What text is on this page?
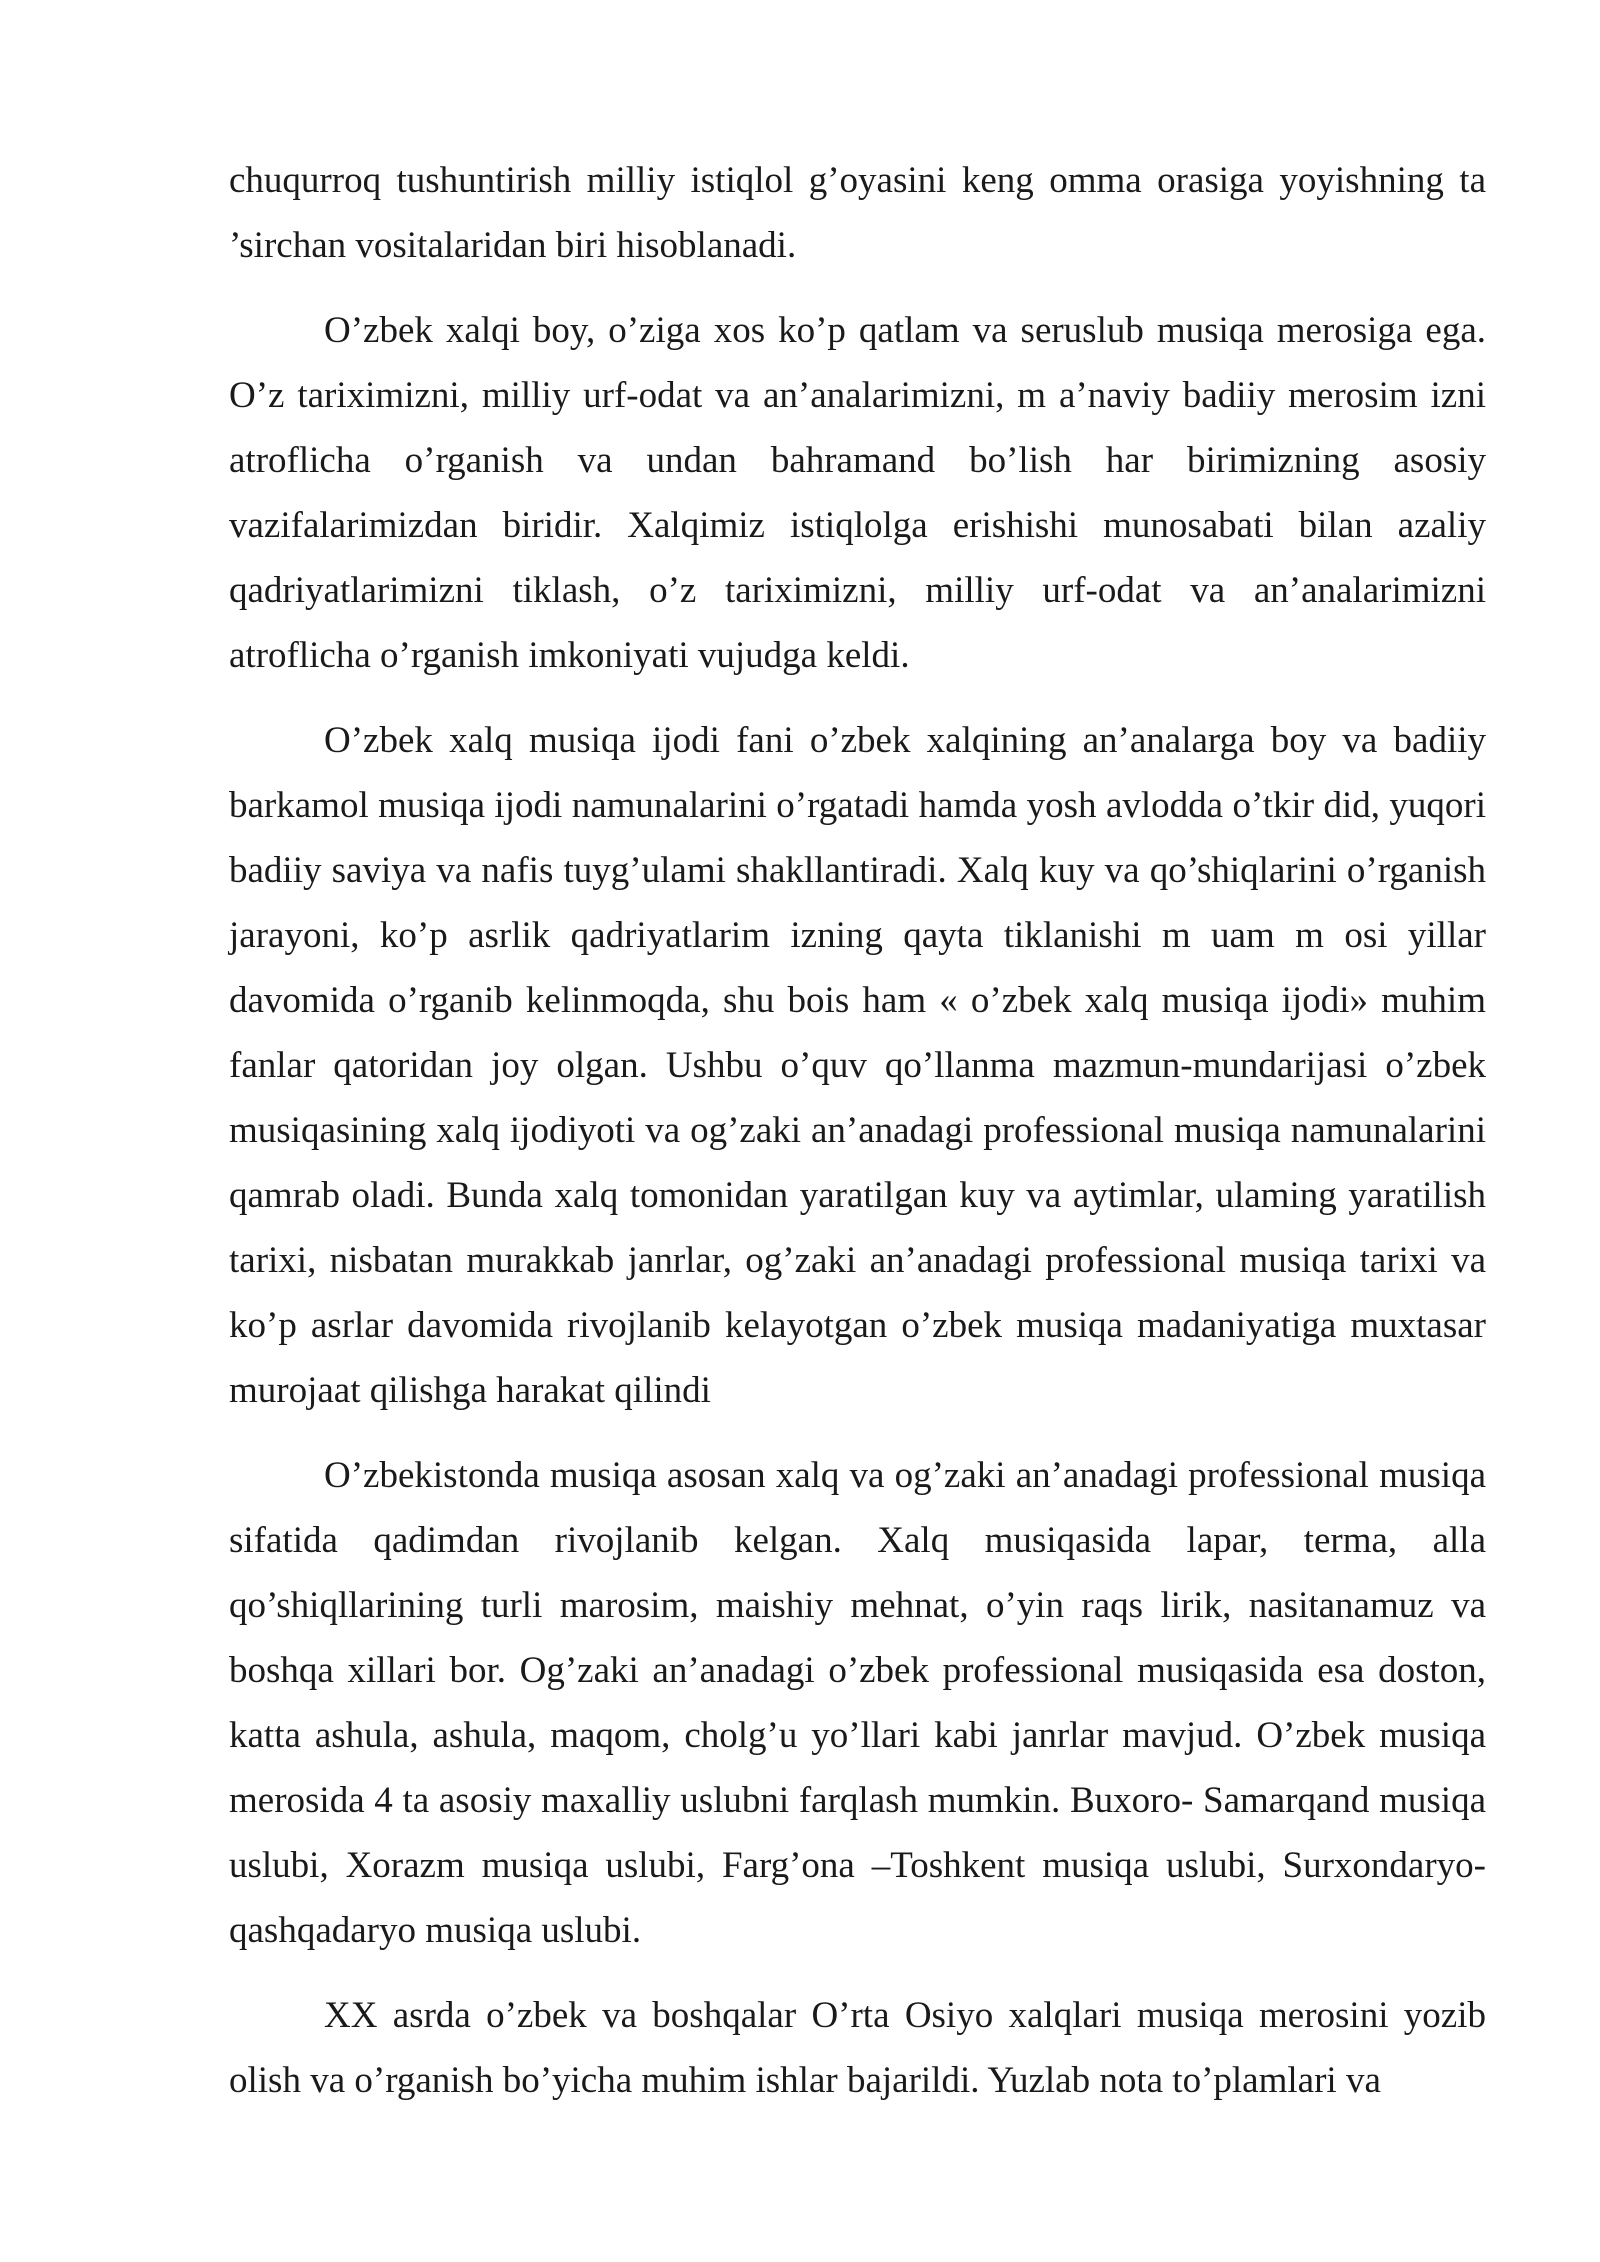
chuqurroq tushuntirish milliy istiqlol g’oyasini keng omma orasiga yoyishning ta ’sirchan vositalaridan biri hisoblanadi.

O’zbek xalqi boy, o’ziga xos ko’p qatlam va seruslub musiqa merosiga ega. O’z tariximizni, milliy urf-odat va an’analarimizni, m a’naviy badiiy merosim izni atroflicha o’rganish va undan bahramand bo’lish har birimizning asosiy vazifalarimizdan biridir. Xalqimiz istiqlolga erishishi munosabati bilan azaliy qadriyatlarimizni tiklash, o’z tariximizni, milliy urf-odat va an’analarimizni atroflicha o’rganish imkoniyati vujudga keldi.

O’zbek xalq musiqa ijodi fani o’zbek xalqining an’analarga boy va badiiy barkamol musiqa ijodi namunalarini o’rgatadi hamda yosh avlodda o’tkir did, yuqori badiiy saviya va nafis tuyg’ulami shakllantiradi. Xalq kuy va qo’shiqlarini o’rganish jarayoni, ko’p asrlik qadriyatlarim izning qayta tiklanishi m uam m osi yillar davomida o’rganib kelinmoqda, shu bois ham « o’zbek xalq musiqa ijodi» muhim fanlar qatoridan joy olgan. Ushbu o’quv qo’llanma mazmun-mundarijasi o’zbek musiqasining xalq ijodiyoti va og’zaki an’anadagi professional musiqa namunalarini qamrab oladi. Bunda xalq tomonidan yaratilgan kuy va aytimlar, ulaming yaratilish tarixi, nisbatan murakkab janrlar, og’zaki an’anadagi professional musiqa tarixi va ko’p asrlar davomida rivojlanib kelayotgan o’zbek musiqa madaniyatiga muxtasar murojaat qilishga harakat qilindi

O’zbekistonda musiqa asosan xalq va og’zaki an’anadagi professional musiqa sifatida qadimdan rivojlanib kelgan. Xalq musiqasida lapar, terma, alla qo’shiqllarining turli marosim, maishiy mehnat, o’yin raqs lirik, nasitanamuz va boshqa xillari bor. Og’zaki an’anadagi o’zbek professional musiqasida esa doston, katta ashula, ashula, maqom, cholg’u yo’llari kabi janrlar mavjud. O’zbek musiqa merosida 4 ta asosiy maxalliy uslubni farqlash mumkin. Buxoro- Samarqand musiqa uslubi, Xorazm musiqa uslubi, Farg’ona –Toshkent musiqa uslubi, Surxondaryo-qashqadaryo musiqa uslubi.

XX asrda o’zbek va boshqalar O’rta Osiyo xalqlari musiqa merosini yozib olish va o’rganish bo’yicha muhim ishlar bajarildi. Yuzlab nota to’plamlari va
